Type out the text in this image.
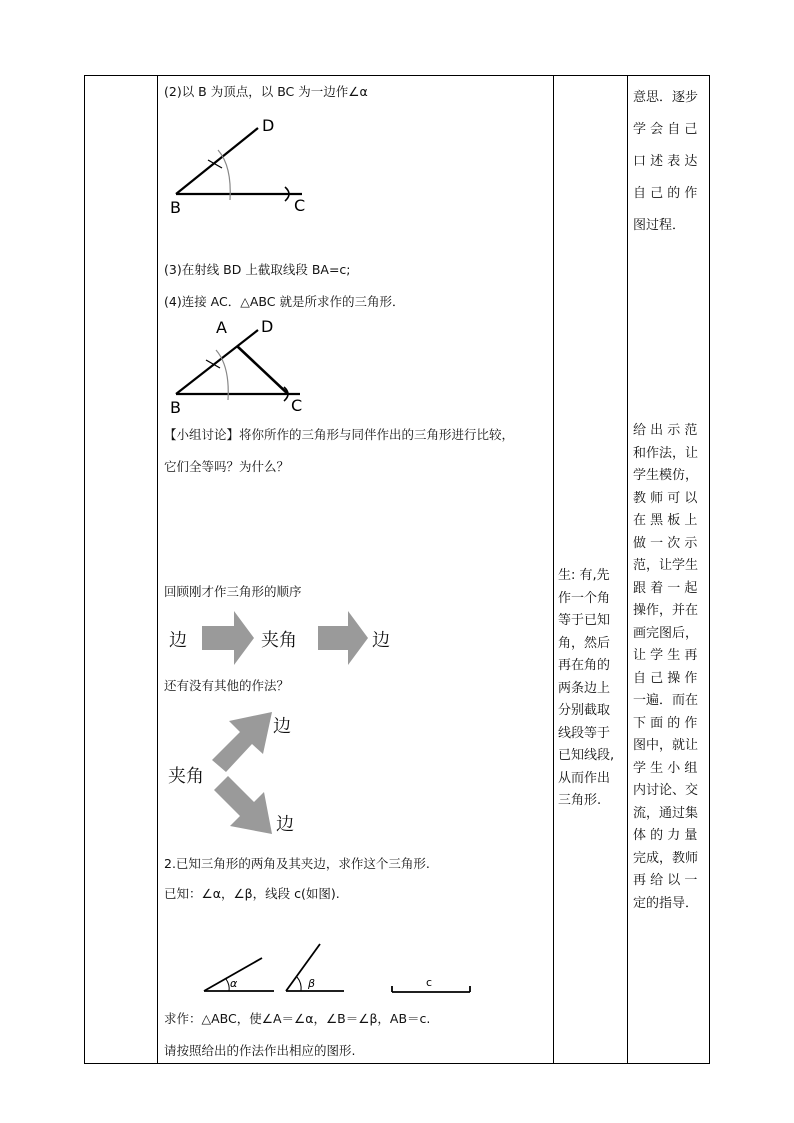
(2)以 B 为顶点，以 BC 为一边作∠α
D
B	C
(3)在射线 BD 上截取线段 BA=c;
(4)连接 AC．△ABC 就是所求作的三角形．
A D
B	C
【小组讨论】将你所作的三角形与同伴作出的三角形进行比较，
它们全等吗？为什么？
回顾刚才作三角形的顺序
边	夹角	边
还有没有其他的作法？
夹角
边
边
2.已知三角形的两角及其夹边，求作这个三角形.
已知：∠α，∠β，线段 c(如图).
α	β	c
求作：△ABC，使∠A＝∠α，∠B＝∠β，AB＝c.
请按照给出的作法作出相应的图形.
生: 有,先
作一个角
等于已知
角，然后
再在角的
两条边上
分别截取
线段等于
已知线段,
从而作出
三角形.
意思．逐步
学 会 自 己
口 述 表 达
自 己 的 作
图过程．
给 出 示 范
和作法，让
学生模仿，
教 师 可 以
在 黑 板 上
做 一 次 示
范，让学生
跟 着 一 起
操作，并在
画完图后，
让 学 生 再
自 己 操 作
一遍．而在
下 面 的 作
图中，就让
学 生 小 组
内讨论、交
流，通过集
体 的 力 量
完成，教师
再 给 以 一
定的指导．
